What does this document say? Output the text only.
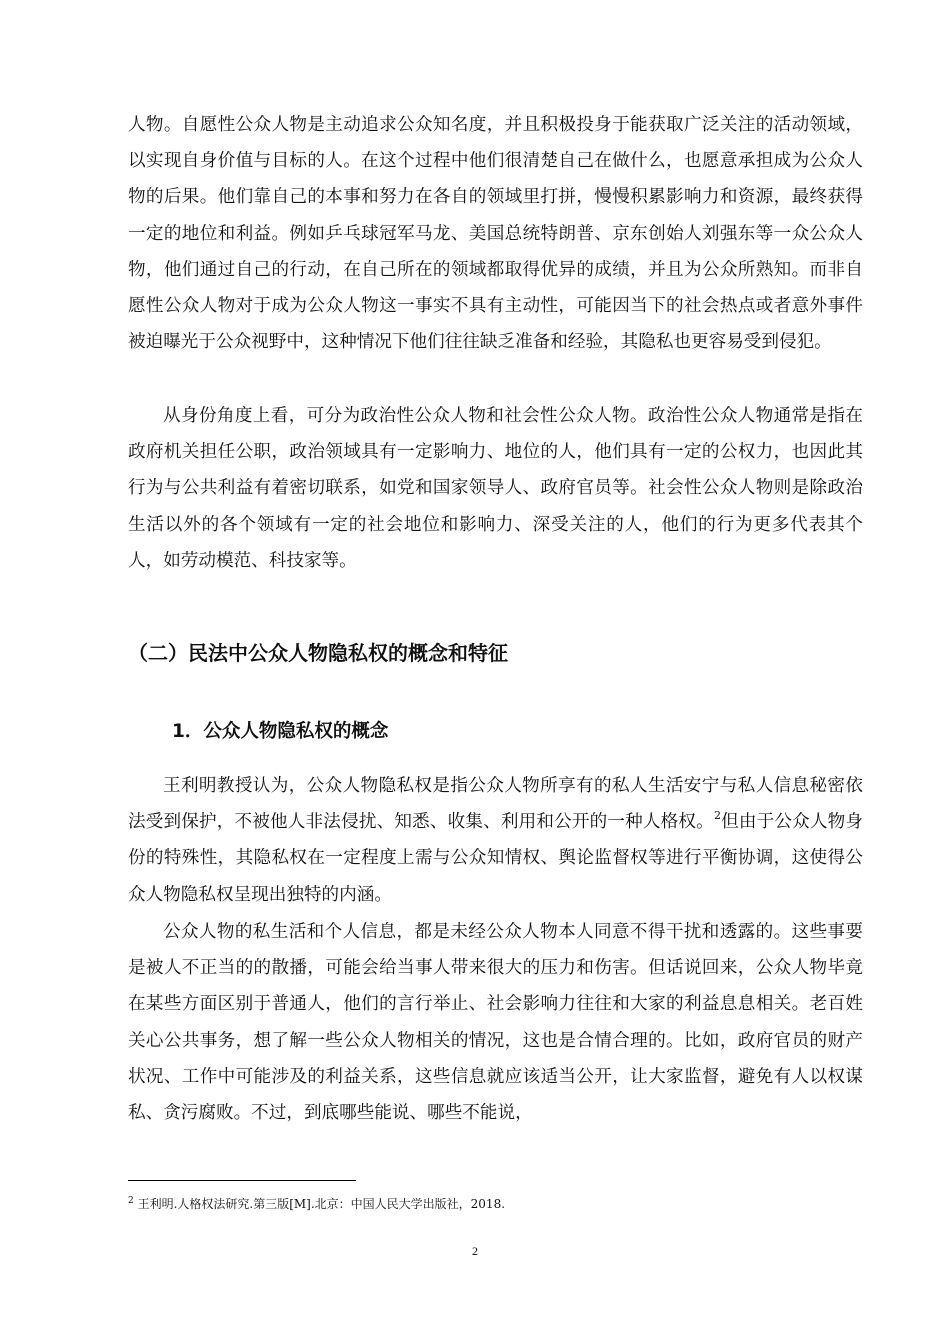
人物。自愿性公众人物是主动追求公众知名度，并且积极投身于能获取广泛关注的活动领域，以实现自身价值与目标的人。在这个过程中他们很清楚自己在做什么，也愿意承担成为公众人物的后果。他们靠自己的本事和努力在各自的领域里打拼，慢慢积累影响力和资源，最终获得一定的地位和利益。例如乒乓球冠军马龙、美国总统特朗普、京东创始人刘强东等一众公众人物，他们通过自己的行动，在自己所在的领域都取得优异的成绩，并且为公众所熟知。而非自愿性公众人物对于成为公众人物这一事实不具有主动性，可能因当下的社会热点或者意外事件被迫曝光于公众视野中，这种情况下他们往往缺乏准备和经验，其隐私也更容易受到侵犯。

从身份角度上看，可分为政治性公众人物和社会性公众人物。政治性公众人物通常是指在政府机关担任公职，政治领域具有一定影响力、地位的人，他们具有一定的公权力，也因此其行为与公共利益有着密切联系，如党和国家领导人、政府官员等。社会性公众人物则是除政治生活以外的各个领域有一定的社会地位和影响力、深受关注的人，他们的行为更多代表其个人，如劳动模范、科技家等。

（二）民法中公众人物隐私权的概念和特征
1．公众人物隐私权的概念

王利明教授认为，公众人物隐私权是指公众人物所享有的私人生活安宁与私人信息秘密依法受到保护，不被他人非法侵扰、知悉、收集、利用和公开的一种人格权。$^2$但由于公众人物身份的特殊性，其隐私权在一定程度上需与公众知情权、舆论监督权等进行平衡协调，这使得公众人物隐私权呈现出独特的内涵。

公众人物的私生活和个人信息，都是未经公众人物本人同意不得干扰和透露的。这些事要是被人不正当的的散播，可能会给当事人带来很大的压力和伤害。但话说回来，公众人物毕竟在某些方面区别于普通人，他们的言行举止、社会影响力往往和大家的利益息息相关。老百姓关心公共事务，想了解一些公众人物相关的情况，这也是合情合理的。比如，政府官员的财产状况、工作中可能涉及的利益关系，这些信息就应该适当公开，让大家监督，避免有人以权谋私、贪污腐败。不过，到底哪些能说、哪些不能说，

$^2$ 王利明.人格权法研究.第三版[M].北京：中国人民大学出版社，2018.
2
